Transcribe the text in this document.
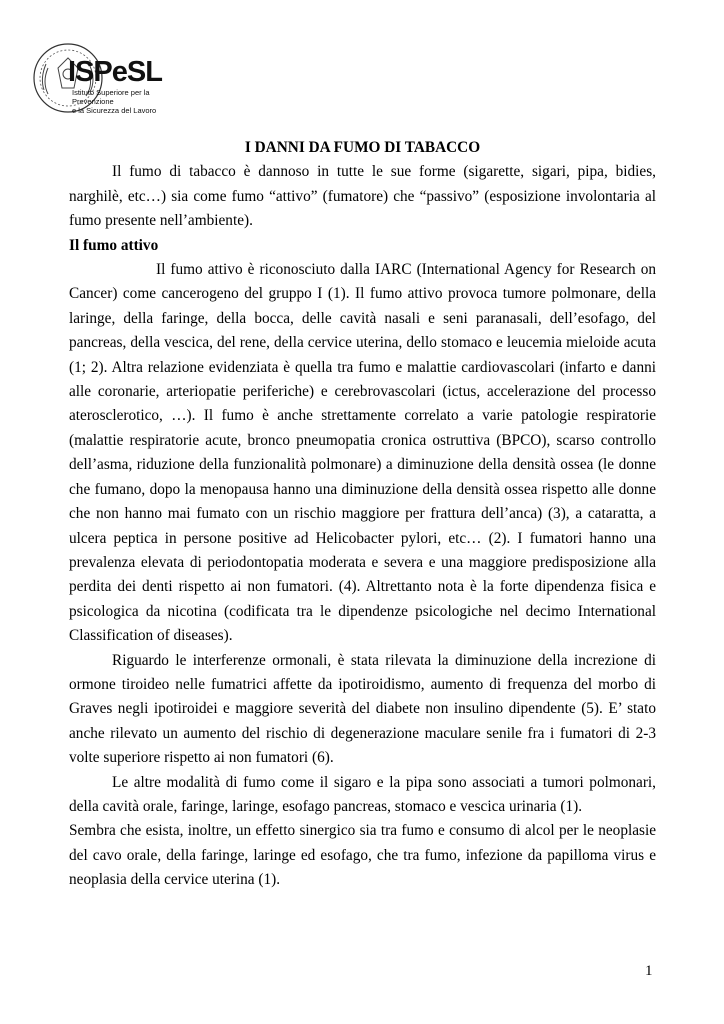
ISPeSL
Istituto Superiore per la Prevenzione
e la Sicurezza del Lavoro

I DANNI DA FUMO DI TABACCO

Il fumo di tabacco è dannoso in tutte le sue forme (sigarette, sigari, pipa, bidies, narghilè, etc…) sia come fumo “attivo” (fumatore) che “passivo” (esposizione involontaria al fumo presente nell’ambiente).

Il fumo attivo

Il fumo attivo è riconosciuto dalla IARC (International Agency for Research on Cancer) come cancerogeno del gruppo I (1). Il fumo attivo provoca tumore polmonare, della laringe, della faringe, della bocca, delle cavità nasali e seni paranasali, dell’esofago, del pancreas, della vescica, del rene, della cervice uterina, dello stomaco e leucemia mieloide acuta (1; 2). Altra relazione evidenziata è quella tra fumo e malattie cardiovascolari (infarto e danni alle coronarie, arteriopatie periferiche) e cerebrovascolari (ictus, accelerazione del processo aterosclerotico, …). Il fumo è anche strettamente correlato a varie patologie respiratorie (malattie respiratorie acute, bronco pneumopatia cronica ostruttiva (BPCO), scarso controllo dell’asma, riduzione della funzionalità polmonare) a diminuzione della densità ossea (le donne che fumano, dopo la menopausa hanno una diminuzione della densità ossea rispetto alle donne che non hanno mai fumato con un rischio maggiore per frattura dell’anca) (3), a cataratta, a ulcera peptica in persone positive ad Helicobacter pylori, etc… (2). I fumatori hanno una prevalenza elevata di periodontopatia moderata e severa e una maggiore predisposizione alla perdita dei denti rispetto ai non fumatori. (4). Altrettanto nota è la forte dipendenza fisica e psicologica da nicotina (codificata tra le dipendenze psicologiche nel decimo International Classification of diseases).

Riguardo le interferenze ormonali, è stata rilevata la diminuzione della increzione di ormone tiroideo nelle fumatrici affette da ipotiroidismo, aumento di frequenza del morbo di Graves negli ipotiroidei e maggiore severità del diabete non insulino dipendente (5). E’ stato anche rilevato un aumento del rischio di degenerazione maculare senile fra i fumatori di 2-3 volte superiore rispetto ai non fumatori (6).

Le altre modalità di fumo come il sigaro e la pipa sono associati a tumori polmonari, della cavità orale, faringe, laringe, esofago pancreas, stomaco e vescica urinaria (1).

Sembra che esista, inoltre, un effetto sinergico sia tra fumo e consumo di alcol per le neoplasie del cavo orale, della faringe, laringe ed esofago, che tra fumo, infezione da papilloma virus e neoplasia della cervice uterina (1).

1
